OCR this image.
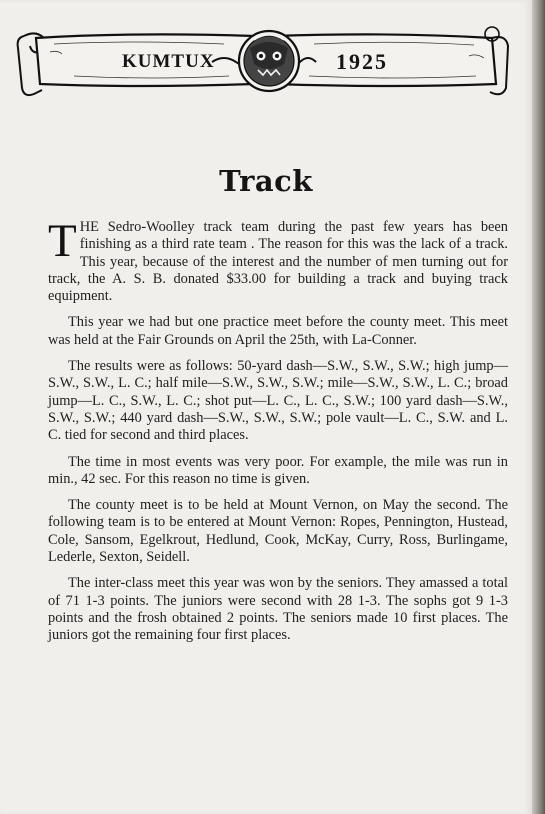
KUMTUX	1925
Track

THE Sedro-Woolley track team during the past few years has been finishing as a third rate team . The reason for this was the lack of a track. This year, because of the interest and the number of men turning out for track, the A. S. B. donated $33.00 for building a track and buying track equipment.

This year we had but one practice meet before the county meet. This meet was held at the Fair Grounds on April the 25th, with La-Conner.

The results were as follows: 50-yard dash—S.W., S.W., S.W.; high jump—S.W., S.W., L. C.; half mile—S.W., S.W., S.W.; mile—S.W., S.W., L. C.; broad jump—L. C., S.W., L. C.; shot put—L. C., L. C., S.W.; 100 yard dash—S.W., S.W., S.W.; 440 yard dash—S.W., S.W., S.W.; pole vault—L. C., S.W. and L. C. tied for second and third places.

The time in most events was very poor. For example, the mile was run in min., 42 sec. For this reason no time is given.

The county meet is to be held at Mount Vernon, on May the second. The following team is to be entered at Mount Vernon: Ropes, Pennington, Hustead, Cole, Sansom, Egelkrout, Hedlund, Cook, McKay, Curry, Ross, Burlingame, Lederle, Sexton, Seidell.

The inter-class meet this year was won by the seniors. They amassed a total of 71 1-3 points. The juniors were second with 28 1-3. The sophs got 9 1-3 points and the frosh obtained 2 points. The seniors made 10 first places. The juniors got the remaining four first places.
